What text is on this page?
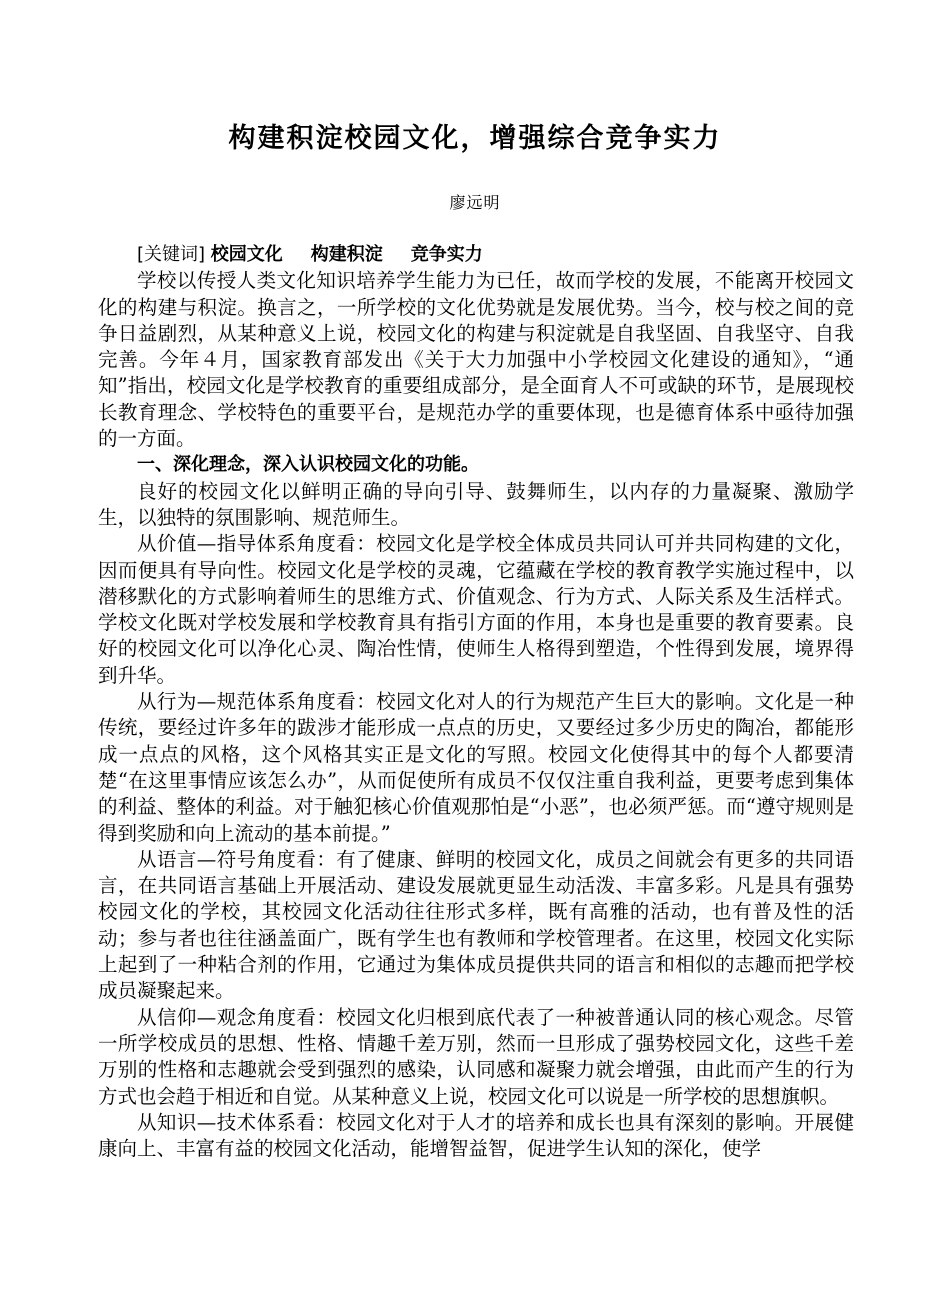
构建积淀校园文化，增强综合竞争实力
廖远明

[关键词] 校园文化 构建积淀 竞争实力

学校以传授人类文化知识培养学生能力为已任，故而学校的发展，不能离开校园文化的构建与积淀。换言之，一所学校的文化优势就是发展优势。当今，校与校之间的竞争日益剧烈，从某种意义上说，校园文化的构建与积淀就是自我坚固、自我坚守、自我完善。今年４月，国家教育部发出《关于大力加强中小学校园文化建设的通知》，“通知”指出，校园文化是学校教育的重要组成部分，是全面育人不可或缺的环节，是展现校长教育理念、学校特色的重要平台，是规范办学的重要体现，也是德育体系中亟待加强的一方面。

一、深化理念，深入认识校园文化的功能。

良好的校园文化以鲜明正确的导向引导、鼓舞师生，以内存的力量凝聚、激励学生，以独特的氛围影响、规范师生。

从价值—指导体系角度看：校园文化是学校全体成员共同认可并共同构建的文化，因而便具有导向性。校园文化是学校的灵魂，它蕴藏在学校的教育教学实施过程中，以潜移默化的方式影响着师生的思维方式、价值观念、行为方式、人际关系及生活样式。学校文化既对学校发展和学校教育具有指引方面的作用，本身也是重要的教育要素。良好的校园文化可以净化心灵、陶冶性情，使师生人格得到塑造，个性得到发展，境界得到升华。

从行为—规范体系角度看：校园文化对人的行为规范产生巨大的影响。文化是一种传统，要经过许多年的跋涉才能形成一点点的历史，又要经过多少历史的陶冶，都能形成一点点的风格，这个风格其实正是文化的写照。校园文化使得其中的每个人都要清楚“在这里事情应该怎么办”，从而促使所有成员不仅仅注重自我利益，更要考虑到集体的利益、整体的利益。对于触犯核心价值观那怕是“小恶”，也必须严惩。而“遵守规则是得到奖励和向上流动的基本前提。”

从语言—符号角度看：有了健康、鲜明的校园文化，成员之间就会有更多的共同语言，在共同语言基础上开展活动、建设发展就更显生动活泼、丰富多彩。凡是具有强势校园文化的学校，其校园文化活动往往形式多样，既有高雅的活动，也有普及性的活动；参与者也往往涵盖面广，既有学生也有教师和学校管理者。在这里，校园文化实际上起到了一种粘合剂的作用，它通过为集体成员提供共同的语言和相似的志趣而把学校成员凝聚起来。

从信仰—观念角度看：校园文化归根到底代表了一种被普通认同的核心观念。尽管一所学校成员的思想、性格、情趣千差万别，然而一旦形成了强势校园文化，这些千差万别的性格和志趣就会受到强烈的感染，认同感和凝聚力就会增强，由此而产生的行为方式也会趋于相近和自觉。从某种意义上说，校园文化可以说是一所学校的思想旗帜。

从知识—技术体系看：校园文化对于人才的培养和成长也具有深刻的影响。开展健康向上、丰富有益的校园文化活动，能增智益智，促进学生认知的深化，使学
